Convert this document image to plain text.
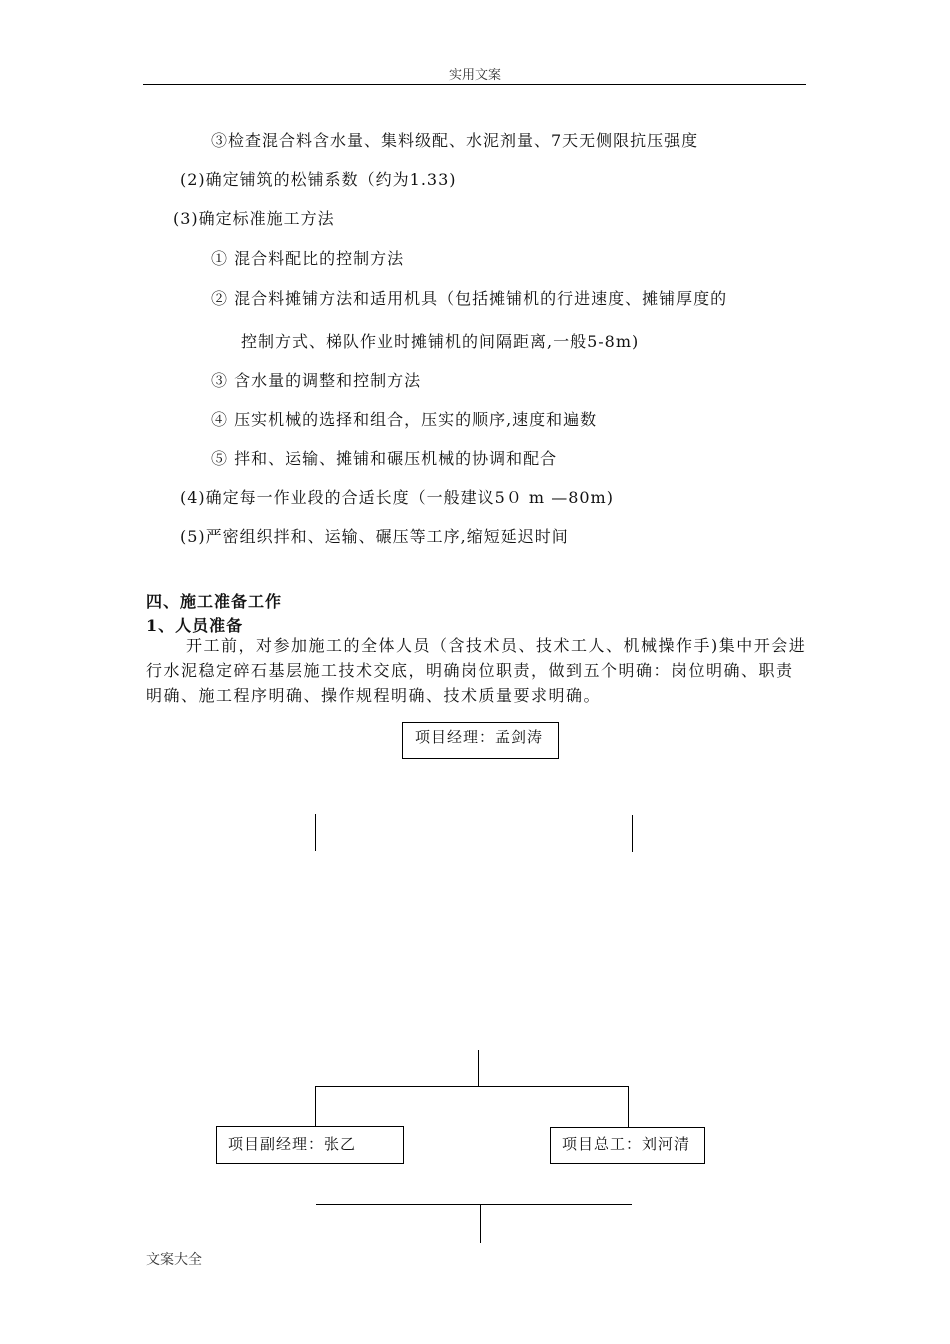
实用文案
③检查混合料含水量、集料级配、水泥剂量、7天无侧限抗压强度
(2)确定铺筑的松铺系数（约为1.33)
(3)确定标准施工方法
① 混合料配比的控制方法
② 混合料摊铺方法和适用机具（包括摊铺机的行进速度、摊铺厚度的
控制方式、梯队作业时摊铺机的间隔距离,一般5-8m)
③ 含水量的调整和控制方法
④ 压实机械的选择和组合，压实的顺序,速度和遍数
⑤ 拌和、运输、摊铺和碾压机械的协调和配合
(4)确定每一作业段的合适长度（一般建议5０ m —80m)
(5)严密组织拌和、运输、碾压等工序,缩短延迟时间
四、施工准备工作
1、人员准备
开工前，对参加施工的全体人员（含技术员、技术工人、机械操作手)集中开会进行水泥稳定碎石基层施工技术交底，明确岗位职责，做到五个明确：岗位明确、职责明确、施工程序明确、操作规程明确、技术质量要求明确。
项目经理：孟剑涛
项目副经理：张乙	项目总工：刘河清
文案大全
